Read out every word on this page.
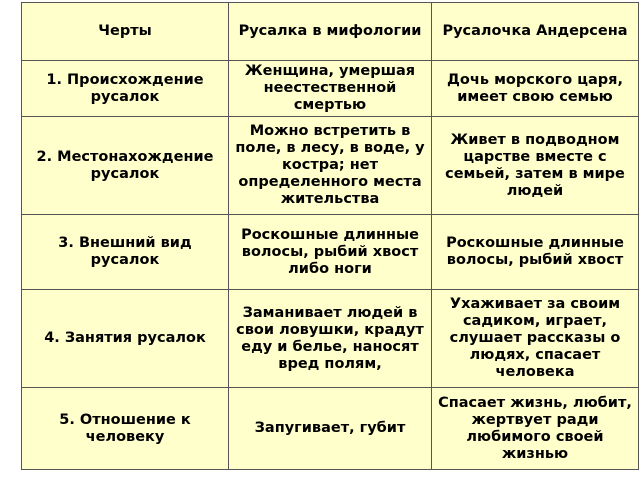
Черты	Русалка в мифологии	Русалочка Андерсена
1. Происхождение русалок	Женщина, умершая неестественной смертью	Дочь морского царя, имеет свою семью
2. Местонахождение русалок	Можно встретить в поле, в лесу, в воде, у костра; нет определенного места жительства	Живет в подводном царстве вместе с семьей, затем в мире людей
3. Внешний вид русалок	Роскошные длинные волосы, рыбий хвост либо ноги	Роскошные длинные волосы, рыбий хвост
4. Занятия русалок	Заманивает людей в свои ловушки, крадут еду и белье, наносят вред полям,	Ухаживает за своим садиком, играет, слушает рассказы о людях, спасает человека
5. Отношение к человеку	Запугивает, губит	Спасает жизнь, любит, жертвует ради любимого своей жизнью
